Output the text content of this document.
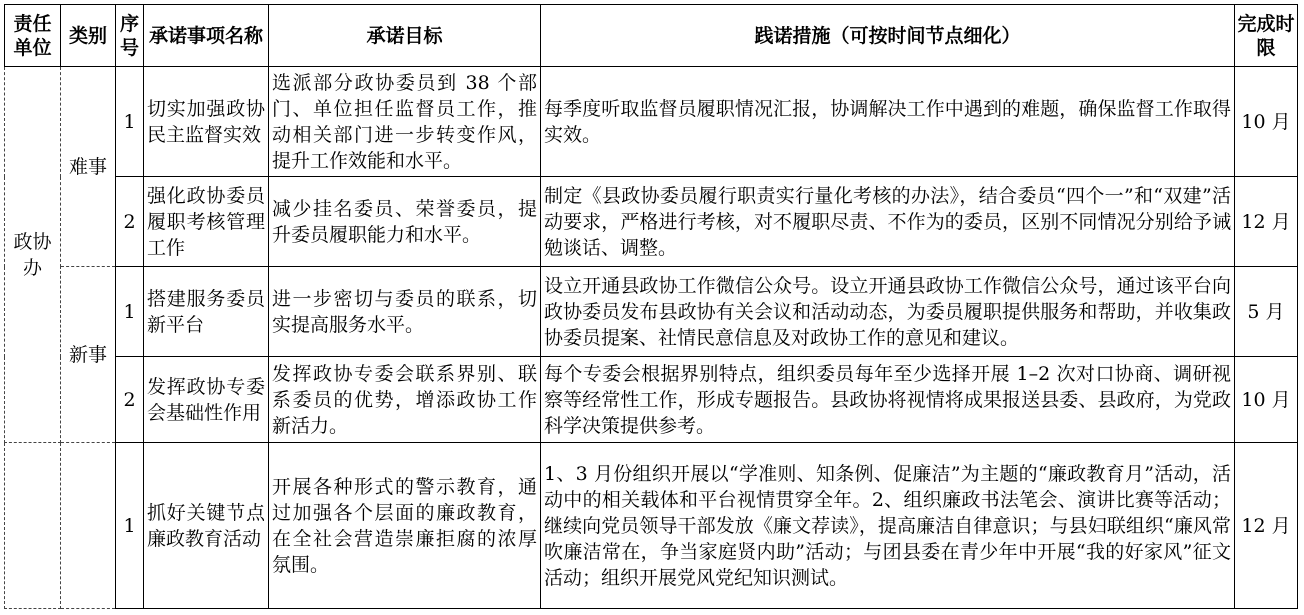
责任单位	类别	序号	承诺事项名称	承诺目标	践诺措施（可按时间节点细化）	完成时限
政协办	难事	1	切实加强政协民主监督实效	选派部分政协委员到 38 个部门、单位担任监督员工作，推动相关部门进一步转变作风，提升工作效能和水平。	每季度听取监督员履职情况汇报，协调解决工作中遇到的难题，确保监督工作取得实效。	10 月
		2	强化政协委员履职考核管理工作	减少挂名委员、荣誉委员，提升委员履职能力和水平。	制定《县政协委员履行职责实行量化考核的办法》，结合委员“四个一”和“双建”活动要求，严格进行考核，对不履职尽责、不作为的委员，区别不同情况分别给予诫勉谈话、调整。	12 月
	新事	1	搭建服务委员新平台	进一步密切与委员的联系，切实提高服务水平。	设立开通县政协工作微信公众号。设立开通县政协工作微信公众号，通过该平台向政协委员发布县政协有关会议和活动动态，为委员履职提供服务和帮助，并收集政协委员提案、社情民意信息及对政协工作的意见和建议。	5 月
		2	发挥政协专委会基础性作用	发挥政协专委会联系界别、联系委员的优势，增添政协工作新活力。	每个专委会根据界别特点，组织委员每年至少选择开展 1–2 次对口协商、调研视察等经常性工作，形成专题报告。县政协将视情将成果报送县委、县政府，为党政科学决策提供参考。	10 月
		1	抓好关键节点廉政教育活动	开展各种形式的警示教育，通过加强各个层面的廉政教育，在全社会营造崇廉拒腐的浓厚氛围。	1、3 月份组织开展以“学准则、知条例、促廉洁”为主题的“廉政教育月”活动，活动中的相关载体和平台视情贯穿全年。2、组织廉政书法笔会、演讲比赛等活动；继续向党员领导干部发放《廉文荐读》，提高廉洁自律意识；与县妇联组织“廉风常吹廉洁常在，争当家庭贤内助”活动；与团县委在青少年中开展“我的好家风”征文活动；组织开展党风党纪知识测试。	12 月
